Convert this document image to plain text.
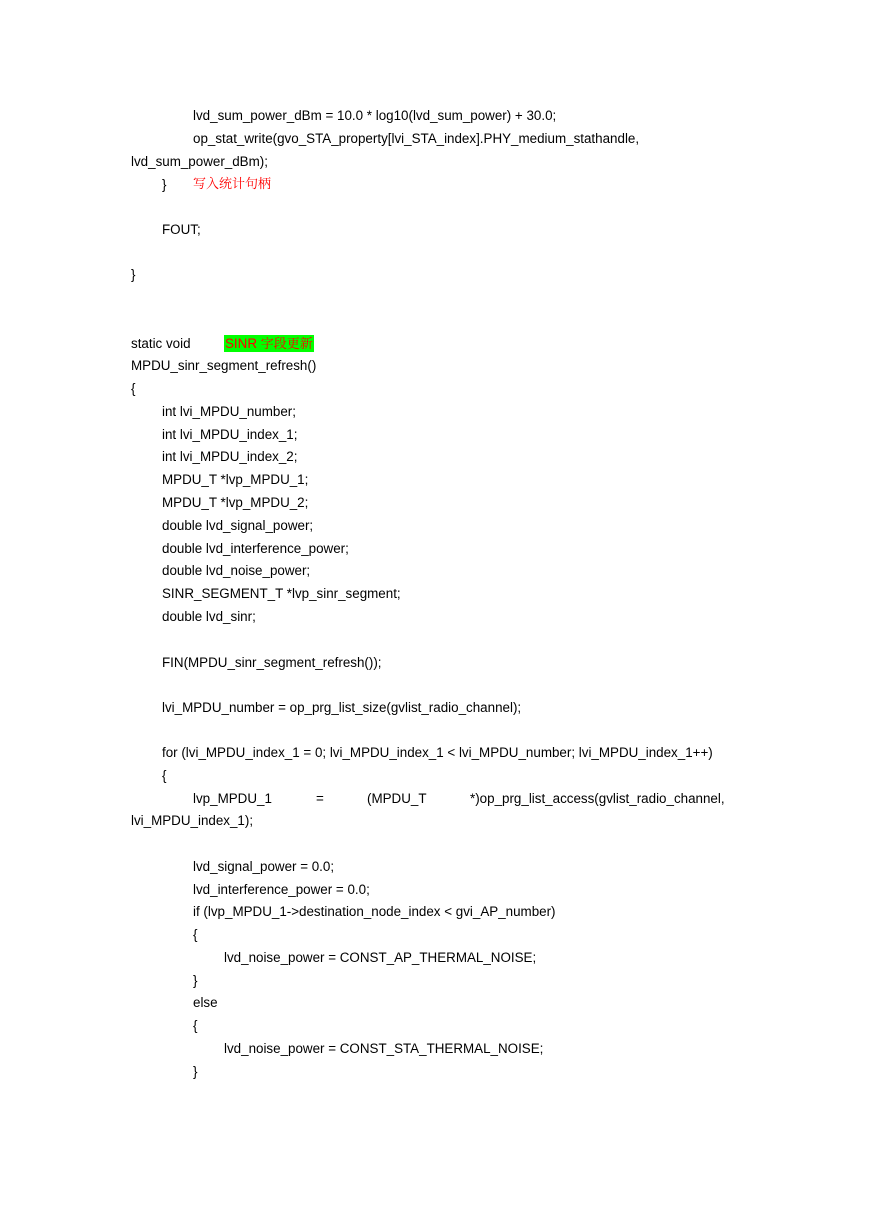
lvd_sum_power_dBm = 10.0 * log10(lvd_sum_power) + 30.0;
op_stat_write(gvo_STA_property[lvi_STA_index].PHY_medium_stathandle,
lvd_sum_power_dBm);
} 写入统计句柄
FOUT;
}
static void	SINR 字段更新
MPDU_sinr_segment_refresh()
{
int lvi_MPDU_number;
int lvi_MPDU_index_1;
int lvi_MPDU_index_2;
MPDU_T *lvp_MPDU_1;
MPDU_T *lvp_MPDU_2;
double lvd_signal_power;
double lvd_interference_power;
double lvd_noise_power;
SINR_SEGMENT_T *lvp_sinr_segment;
double lvd_sinr;
FIN(MPDU_sinr_segment_refresh());
lvi_MPDU_number = op_prg_list_size(gvlist_radio_channel);
for (lvi_MPDU_index_1 = 0; lvi_MPDU_index_1 < lvi_MPDU_number; lvi_MPDU_index_1++)
{
lvp_MPDU_1	=	(MPDU_T	*)op_prg_list_access(gvlist_radio_channel,
lvi_MPDU_index_1);
lvd_signal_power = 0.0;
lvd_interference_power = 0.0;
if (lvp_MPDU_1->destination_node_index < gvi_AP_number)
{
lvd_noise_power = CONST_AP_THERMAL_NOISE;
}
else
{
lvd_noise_power = CONST_STA_THERMAL_NOISE;
}
